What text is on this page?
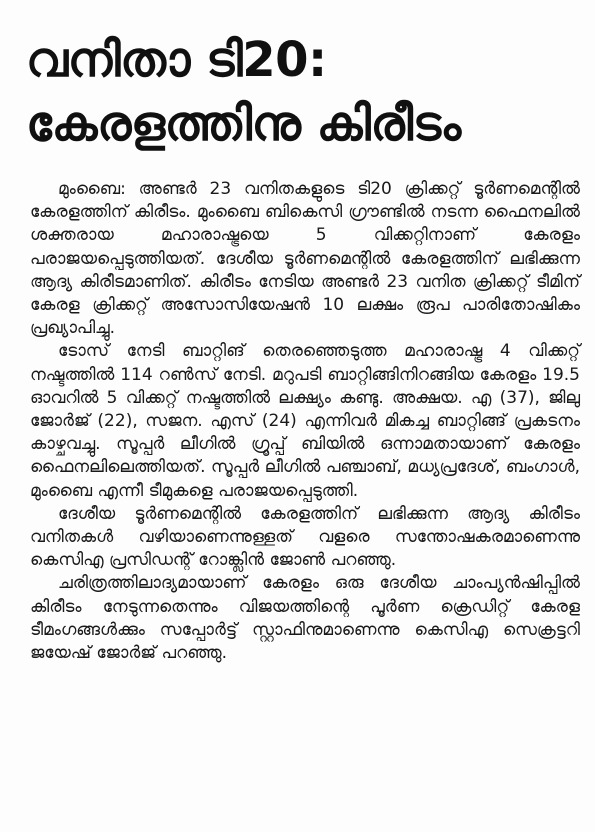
വനിതാ ടി20:
കേരളത്തിനു കിരീടം

മുംബൈ: അണ്ടർ 23 വനിതകളുടെ ടി20 ക്രിക്കറ്റ് ടൂർണമെന്റിൽ കേരളത്തിന് കിരീടം. മുംബൈ ബികെസി ഗ്രൗണ്ടിൽ നടന്ന ഫൈനലിൽ ശക്തരായ മഹാരാഷ്ട്രയെ 5 വിക്കറ്റിനാണ് കേരളം പരാജയപ്പെടുത്തിയത്. ദേശീയ ടൂർണമെന്റിൽ കേരളത്തിന് ലഭിക്കുന്ന ആദ്യ കിരീടമാണിത്. കിരീടം നേടിയ അണ്ടർ 23 വനിത ക്രിക്കറ്റ് ടീമിന് കേരള ക്രിക്കറ്റ് അസോസിയേഷൻ 10 ലക്ഷം രൂപ പാരിതോഷികം പ്രഖ്യാപിച്ചു.

ടോസ് നേടി ബാറ്റിങ് തെരഞ്ഞെടുത്ത മഹാരാഷ്ട്ര 4 വിക്കറ്റ് നഷ്ടത്തിൽ 114 റൺസ് നേടി. മറുപടി ബാറ്റിങ്ങിനിറങ്ങിയ കേരളം 19.5 ഓവറിൽ 5 വിക്കറ്റ് നഷ്ടത്തിൽ ലക്ഷ്യം കണ്ടു. അക്ഷയ. എ (37), ജിലു ജോർജ് (22), സജന. എസ് (24) എന്നിവർ മികച്ച ബാറ്റിങ്ങ് പ്രകടനം കാഴ്ചവച്ചു. സൂപ്പർ ലീഗിൽ ഗ്രൂപ്പ് ബിയിൽ ഒന്നാമതായാണ് കേരളം ഫൈനലിലെത്തിയത്. സൂപ്പർ ലീഗിൽ പഞ്ചാബ്, മധ്യപ്രദേശ്, ബംഗാൾ, മുംബൈ എന്നീ ടീമുകളെ പരാജയപ്പെടുത്തി.

ദേശീയ ടൂർണമെന്റിൽ കേരളത്തിന് ലഭിക്കുന്ന ആദ്യ കിരീടം വനിതകൾ വഴിയാണെന്നുള്ളത് വളരെ സന്തോഷകരമാണെന്നു കെസിഎ പ്രസിഡന്റ് റോങ്ക്ലിൻ ജോൺ പറഞ്ഞു.

ചരിത്രത്തിലാദ്യമായാണ് കേരളം ഒരു ദേശീയ ചാംപ്യൻഷിപ്പിൽ കിരീടം നേടുന്നതെന്നും വിജയത്തിന്റെ പൂർണ ക്രെഡിറ്റ് കേരള ടീമംഗങ്ങൾക്കും സപ്പോർട്ട് സ്റ്റാഫിനുമാണെന്നു കെസിഎ സെക്രട്ടറി ജയേഷ് ജോർജ് പറഞ്ഞു.
